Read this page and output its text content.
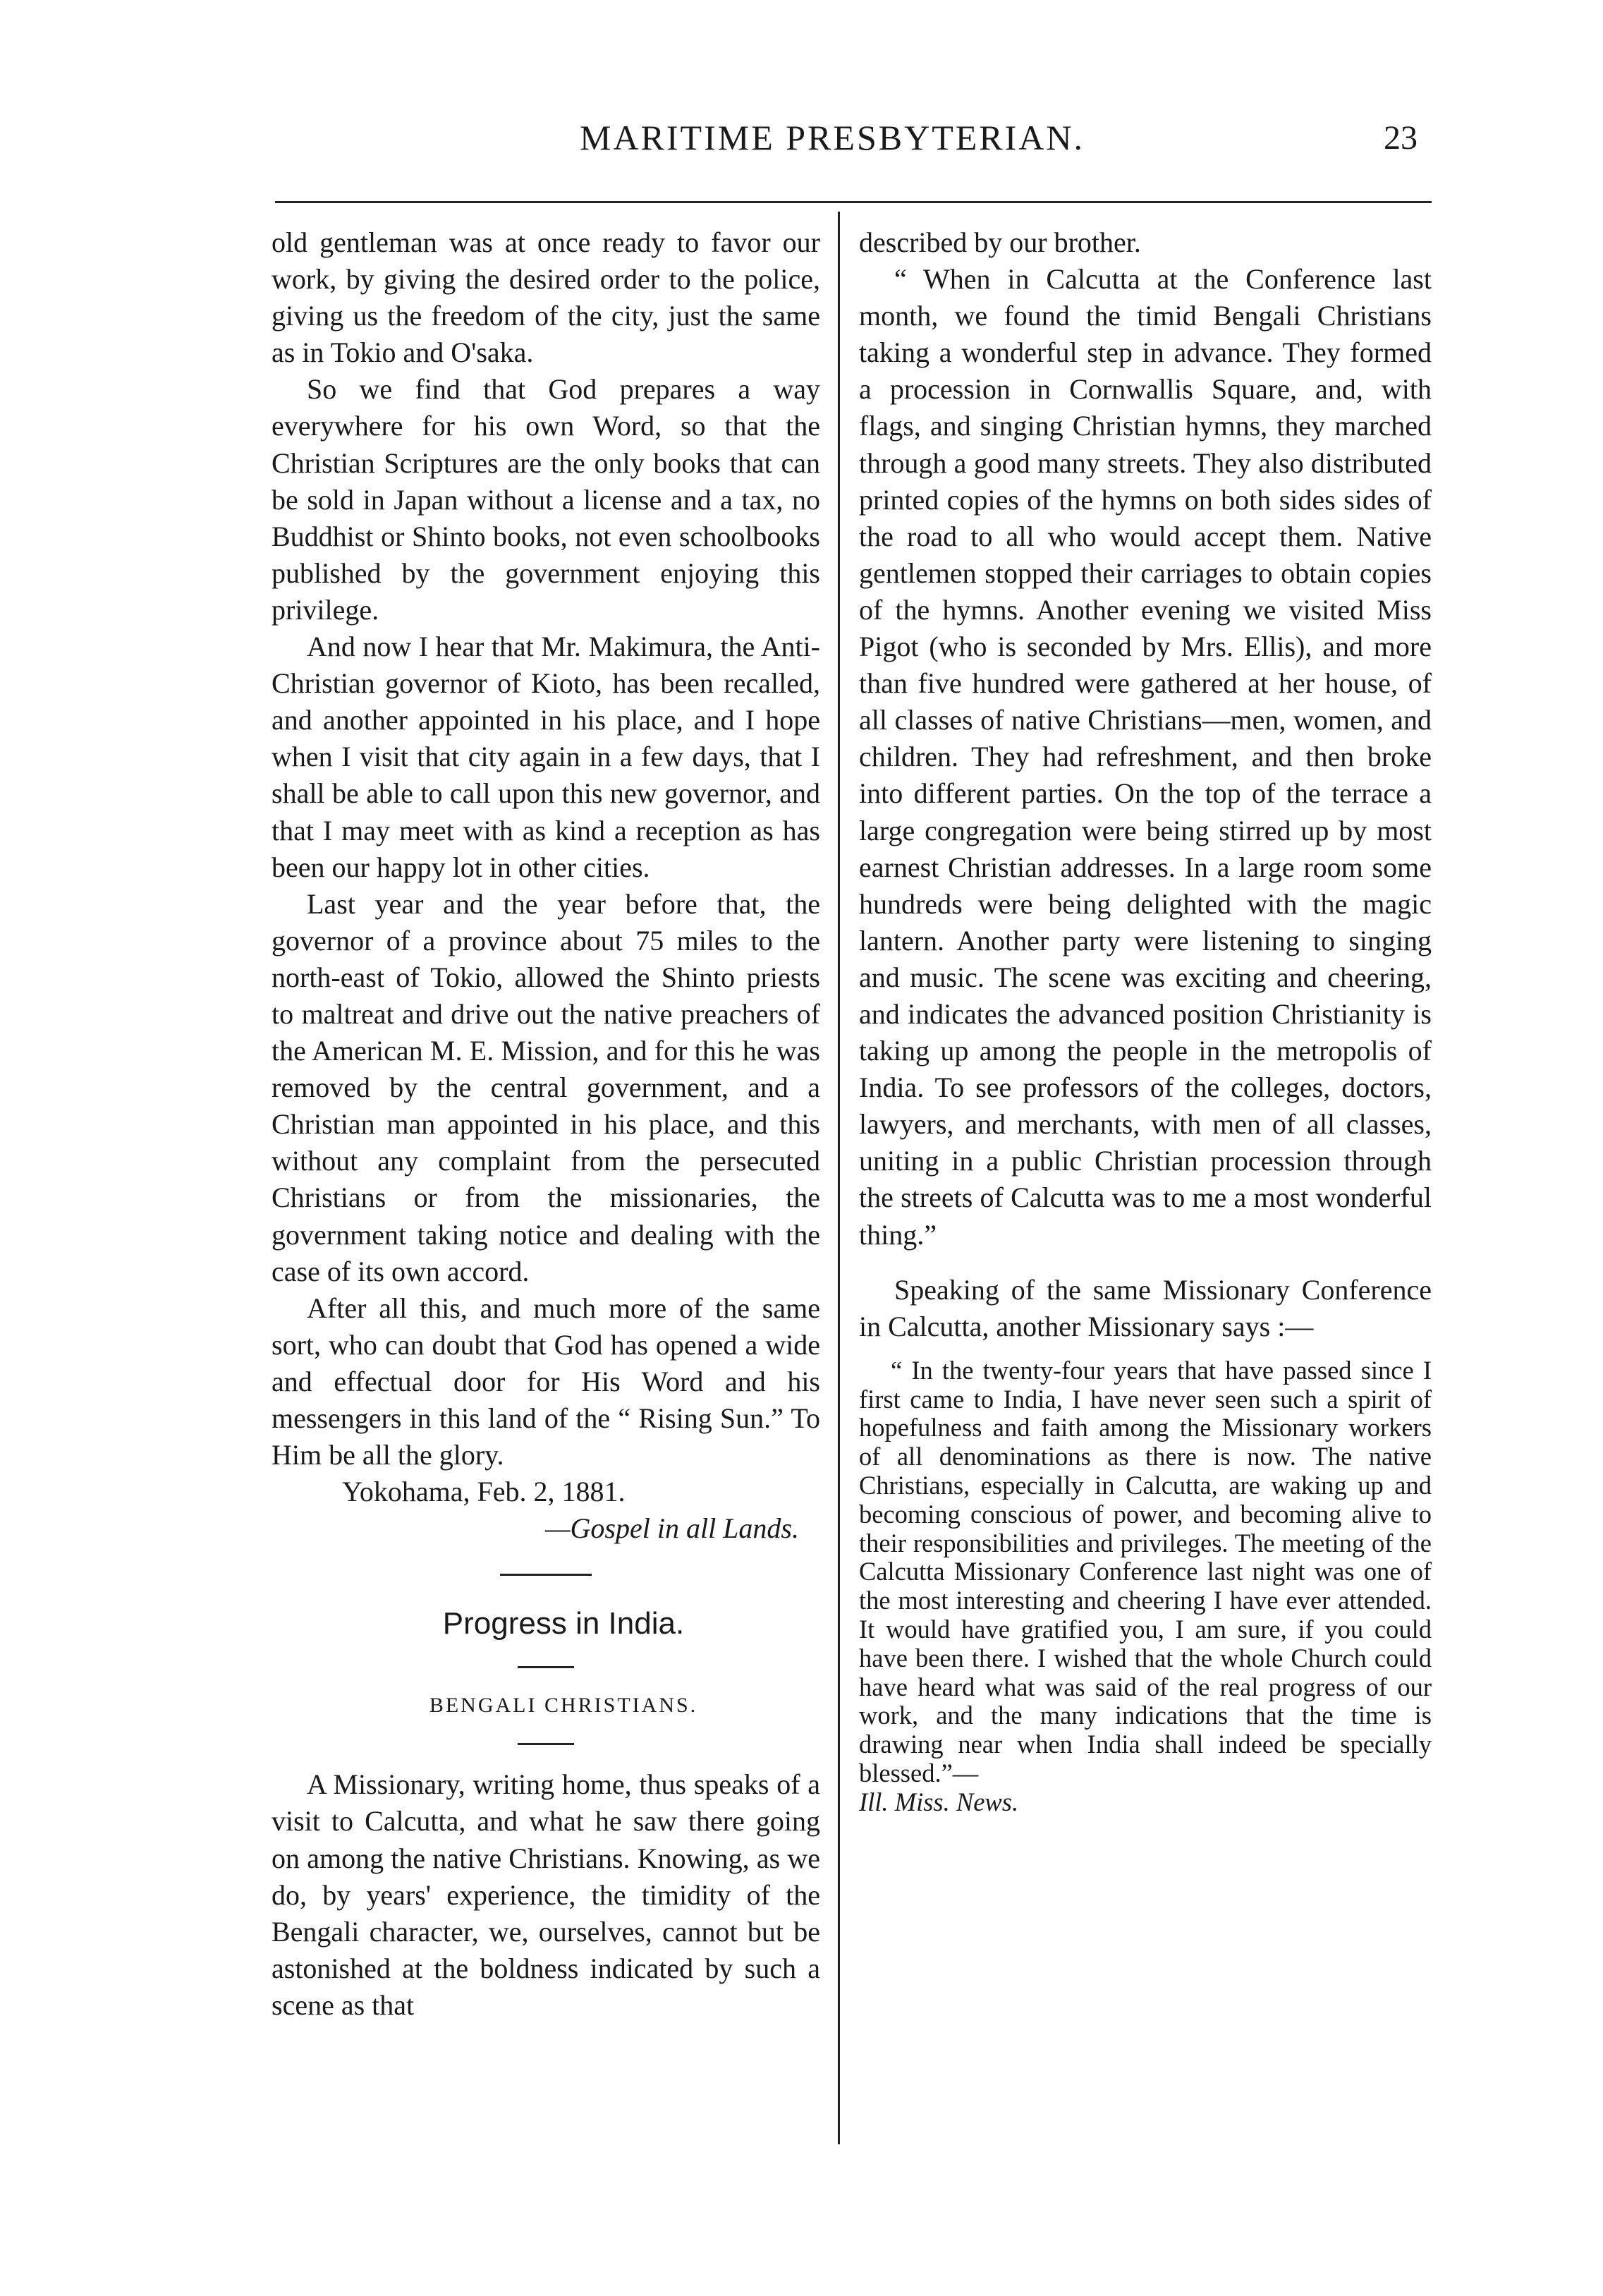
MARITIME PRESBYTERIAN.	23

old gentleman was at once ready to favor our work, by giving the desired order to the police, giving us the freedom of the city, just the same as in Tokio and O'saka.

So we find that God prepares a way everywhere for his own Word, so that the Christian Scriptures are the only books that can be sold in Japan without a license and a tax, no Buddhist or Shinto books, not even schoolbooks published by the government enjoying this privilege.

And now I hear that Mr. Makimura, the Anti-Christian governor of Kioto, has been recalled, and another appointed in his place, and I hope when I visit that city again in a few days, that I shall be able to call upon this new governor, and that I may meet with as kind a reception as has been our happy lot in other cities.

Last year and the year before that, the governor of a province about 75 miles to the north-east of Tokio, allowed the Shinto priests to maltreat and drive out the native preachers of the American M. E. Mission, and for this he was removed by the central government, and a Christian man appointed in his place, and this without any complaint from the persecuted Christians or from the missionaries, the government taking notice and dealing with the case of its own accord.

After all this, and much more of the same sort, who can doubt that God has opened a wide and effectual door for His Word and his messengers in this land of the “ Rising Sun.” To Him be all the glory.

Yokohama, Feb. 2, 1881.

—Gospel in all Lands.

Progress in India.

BENGALI CHRISTIANS.

A Missionary, writing home, thus speaks of a visit to Calcutta, and what he saw there going on among the native Christians. Knowing, as we do, by years' experience, the timidity of the Bengali character, we, ourselves, cannot but be astonished at the boldness indicated by such a scene as that

described by our brother.

“ When in Calcutta at the Conference last month, we found the timid Bengali Christians taking a wonderful step in advance. They formed a procession in Cornwallis Square, and, with flags, and singing Christian hymns, they marched through a good many streets. They also distributed printed copies of the hymns on both sides sides of the road to all who would accept them. Native gentlemen stopped their carriages to obtain copies of the hymns. Another evening we visited Miss Pigot (who is seconded by Mrs. Ellis), and more than five hundred were gathered at her house, of all classes of native Christians—men, women, and children. They had refreshment, and then broke into different parties. On the top of the terrace a large congregation were being stirred up by most earnest Christian addresses. In a large room some hundreds were being delighted with the magic lantern. Another party were listening to singing and music. The scene was exciting and cheering, and indicates the advanced position Christianity is taking up among the people in the metropolis of India. To see professors of the colleges, doctors, lawyers, and merchants, with men of all classes, uniting in a public Christian procession through the streets of Calcutta was to me a most wonderful thing.”

Speaking of the same Missionary Conference in Calcutta, another Missionary says :—

“ In the twenty-four years that have passed since I first came to India, I have never seen such a spirit of hopefulness and faith among the Missionary workers of all denominations as there is now. The native Christians, especially in Calcutta, are waking up and becoming conscious of power, and becoming alive to their responsibilities and privileges. The meeting of the Calcutta Missionary Conference last night was one of the most interesting and cheering I have ever attended. It would have gratified you, I am sure, if you could have been there. I wished that the whole Church could have heard what was said of the real progress of our work, and the many indications that the time is drawing near when India shall indeed be specially blessed.”—

Ill. Miss. News.
